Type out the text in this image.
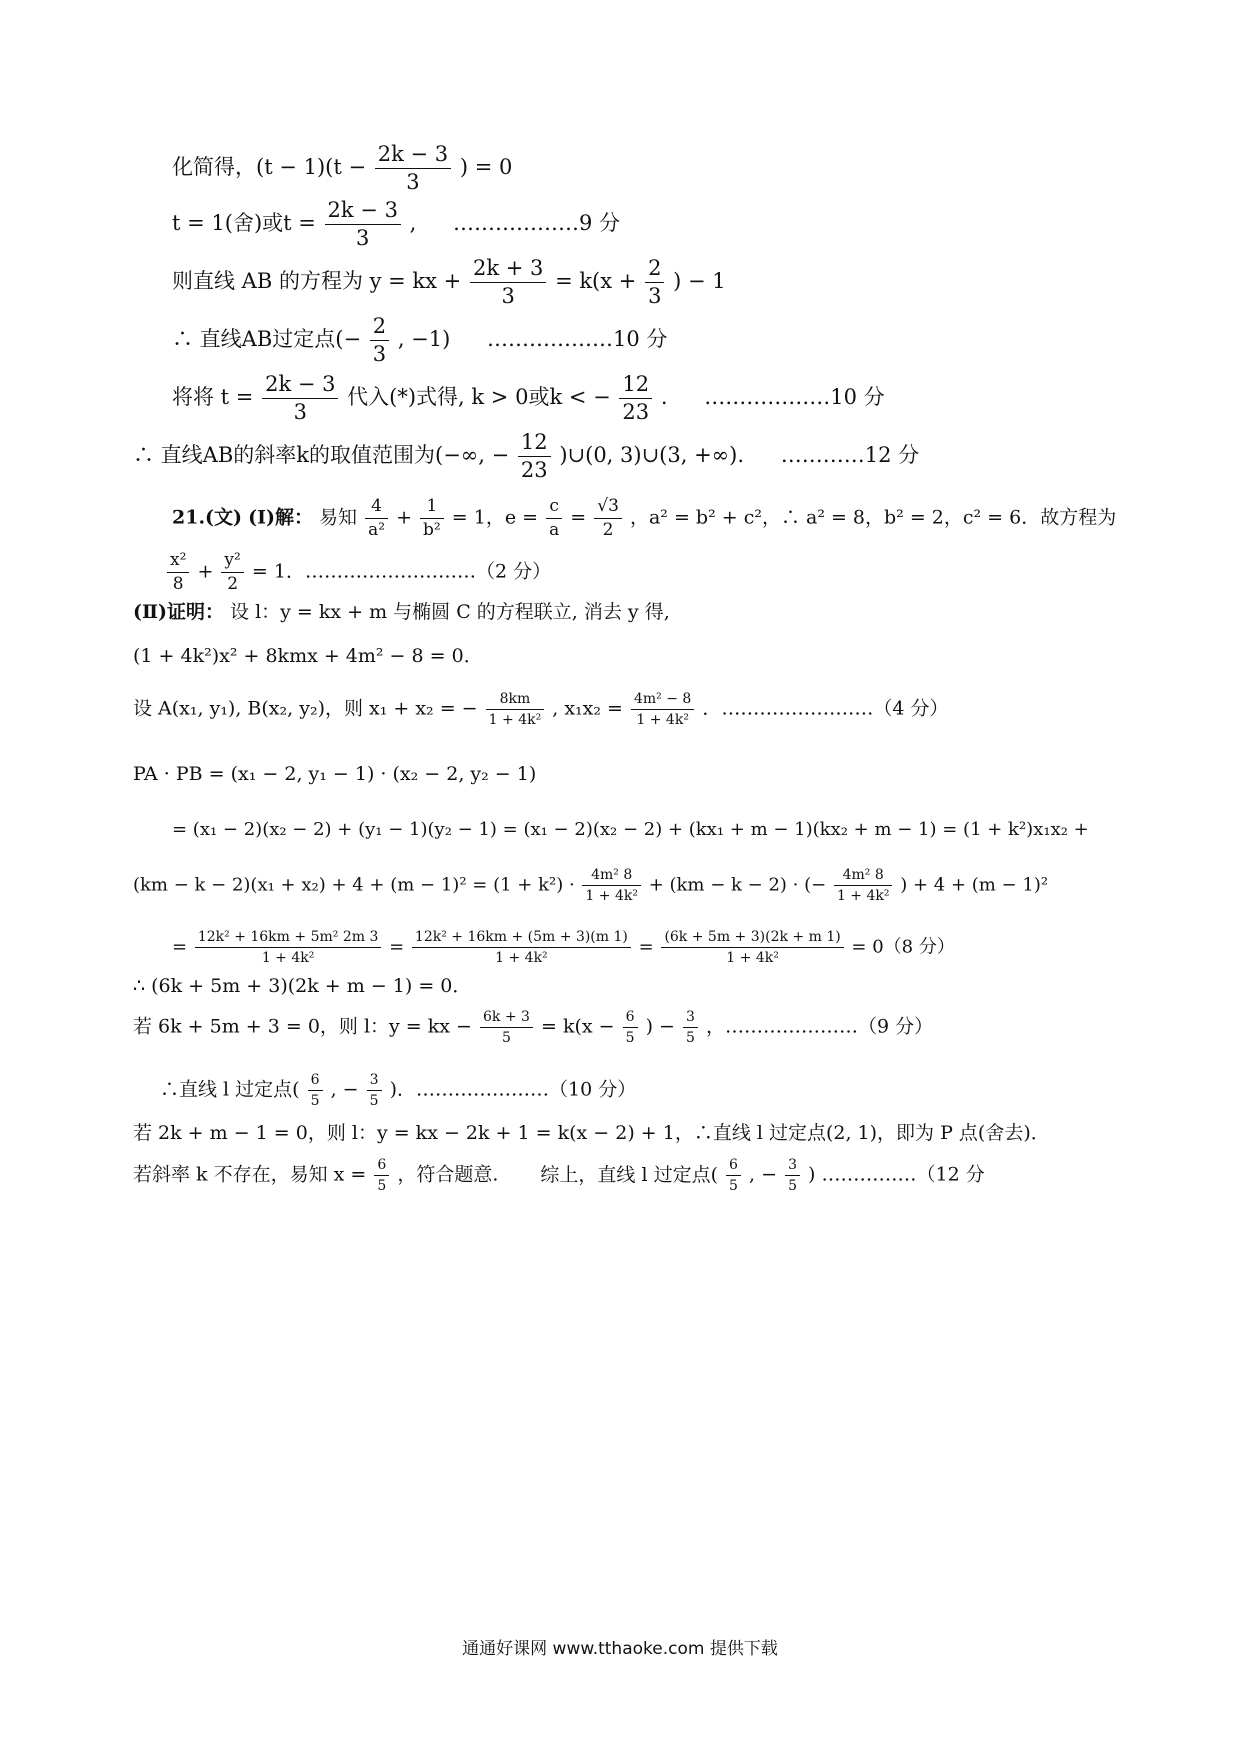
化简得，$(t - 1)(t - \frac{2k - 3}{3}$ ) = 0
t = 1(舍)或$t = \frac{2k - 3}{3}$ , ………………9 分
则直线 AB 的方程为 y = kx + $\frac{2k + 3}{3} = k(x + \frac{2}{3}$ ) − 1
∴ 直线AB过定点(− $\frac{2}{3}$ , −1) ………………10 分
将将 $t = \frac{2k - 3}{3}$ 代入(*)式得, k > 0或k < − $\frac{12}{23}$ . ………………10 分
∴ 直线AB的斜率k的取值范围为(−∞, − $\frac{12}{23}$ )∪(0, 3)∪(3, +∞). …………12 分
21.(文) (Ⅰ)解： 易知 $\frac{4}{\text{a²}} + \frac{1}{\text{b²}} = 1$，$e = \frac{c}{a} = \frac{√3}{2}$ ，a² = b² + c²，∴ a² = 8，b² = 2，c² = 6．故方程为
$\frac{\text{x²}}{8} + \frac{\text{y²}}{2} = 1$．………………………（2 分）
(Ⅱ)证明： 设 l：y = kx + m 与椭圆 C 的方程联立, 消去 y 得,
(1 + 4k²)x² + 8kmx + 4m² − 8 = 0．
设 A(x₁, y₁), B(x₂, y₂)，则 x₁ + x₂ = − $\frac{8km}{\text{1 + 4k²}}$ , $x_1x_2 = \frac{\text{4m² − 8}}{\text{1 + 4k²}}$ ．……………………（4 分）
PA · PB = (x₁ − 2, y₁ − 1) · (x₂ − 2, y₂ − 1)
= (x₁ − 2)(x₂ − 2) + (y₁ − 1)(y₂ − 1) = (x₁ − 2)(x₂ − 2) + (kx₁ + m − 1)(kx₂ + m − 1) = (1 + k²)x₁x₂ +
$(km - k - 2)(x_1 + x_2) + 4 + (m - 1)^2 = (1 + k^2) \cdot \frac{\text{4m² 8}}{\text{1 + 4k²}} + (km - k - 2)$ · (− $\frac{\text{4m² 8}}{\text{1 + 4k²}}$ ) + 4 + (m − 1)²
= $\frac{\text{12k² + 16km + 5m² 2m 3}}{\text{1 + 4k²}} = \frac{\text{12k² + 16km + (5m + 3)(m 1)}}{\text{1 + 4k²}} = \frac{(6k + 5m + 3)(2k + m 1)}{\text{1 + 4k²}} = 0(8$ 分）
∴ (6k + 5m + 3)(2k + m − 1) = 0．
若 6k + 5m + 3 = 0，则 l：y = kx − $\frac{6k + 3}{5} = k(x - \frac{6}{5}$ ) − $\frac{3}{5}$ ，…………………（9 分）
∴直线 l 过定点( $\frac{6}{5}$ , − $\frac{3}{5}$ )．…………………（10 分）
若 2k + m − 1 = 0，则 l：y = kx − 2k + 1 = k(x − 2) + 1，∴直线 l 过定点(2, 1)，即为 P 点(舍去)．
若斜率 k 不存在，易知 $x = \frac{6}{5}$ ，符合题意. 综上，直线 l 过定点( $\frac{6}{5}$ , − $\frac{3}{5}$ ) ……………（12 分
通通好课网 www.tthaoke.com 提供下载
